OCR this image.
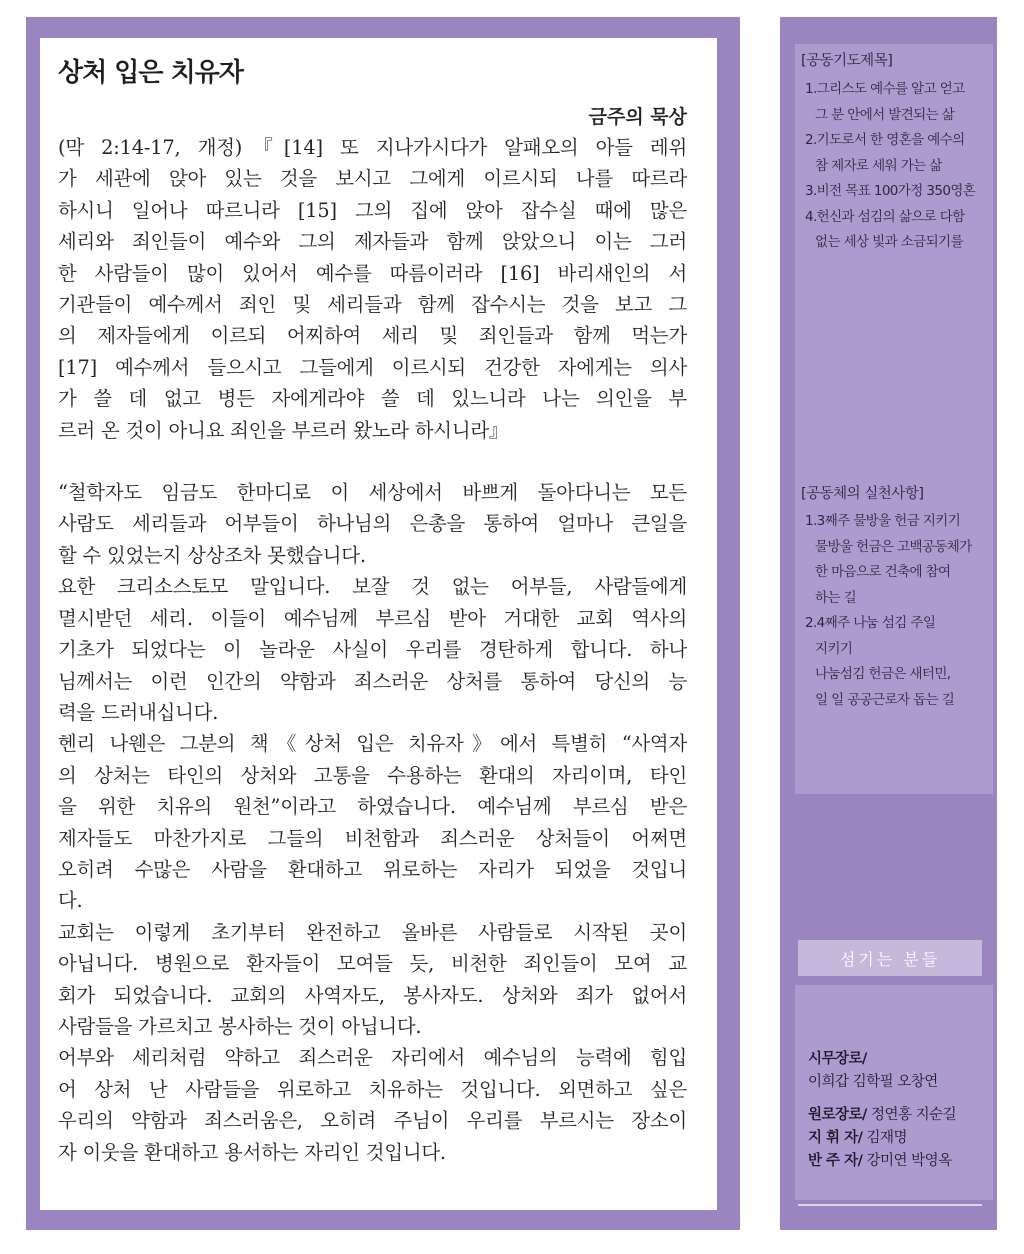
상처 입은 치유자
금주의 묵상

(막 2:14-17, 개정)『[14] 또 지나가시다가 알패오의 아들 레위

가 세관에 앉아 있는 것을 보시고 그에게 이르시되 나를 따르라

하시니 일어나 따르니라 [15] 그의 집에 앉아 잡수실 때에 많은

세리와 죄인들이 예수와 그의 제자들과 함께 앉았으니 이는 그러

한 사람들이 많이 있어서 예수를 따름이러라 [16] 바리새인의 서

기관들이 예수께서 죄인 및 세리들과 함께 잡수시는 것을 보고 그

의 제자들에게 이르되 어찌하여 세리 및 죄인들과 함께 먹는가

[17] 예수께서 들으시고 그들에게 이르시되 건강한 자에게는 의사

가 쓸 데 없고 병든 자에게라야 쓸 데 있느니라 나는 의인을 부

르러 온 것이 아니요 죄인을 부르러 왔노라 하시니라』

“철학자도 임금도 한마디로 이 세상에서 바쁘게 돌아다니는 모든

사람도 세리들과 어부들이 하나님의 은총을 통하여 얼마나 큰일을

할 수 있었는지 상상조차 못했습니다.

요한 크리소스토모 말입니다. 보잘 것 없는 어부들, 사람들에게

멸시받던 세리. 이들이 예수님께 부르심 받아 거대한 교회 역사의

기초가 되었다는 이 놀라운 사실이 우리를 경탄하게 합니다. 하나

님께서는 이런 인간의 약함과 죄스러운 상처를 통하여 당신의 능

력을 드러내십니다.

헨리 나웬은 그분의 책《상처 입은 치유자》에서 특별히 “사역자

의 상처는 타인의 상처와 고통을 수용하는 환대의 자리이며, 타인

을 위한 치유의 원천”이라고 하였습니다. 예수님께 부르심 받은

제자들도 마찬가지로 그들의 비천함과 죄스러운 상처들이 어쩌면

오히려 수많은 사람을 환대하고 위로하는 자리가 되었을 것입니

다.

교회는 이렇게 초기부터 완전하고 올바른 사람들로 시작된 곳이

아닙니다. 병원으로 환자들이 모여들 듯, 비천한 죄인들이 모여 교

회가 되었습니다. 교회의 사역자도, 봉사자도. 상처와 죄가 없어서

사람들을 가르치고 봉사하는 것이 아닙니다.

어부와 세리처럼 약하고 죄스러운 자리에서 예수님의 능력에 힘입

어 상처 난 사람들을 위로하고 치유하는 것입니다. 외면하고 싶은

우리의 약함과 죄스러움은, 오히려 주님이 우리를 부르시는 장소이

자 이웃을 환대하고 용서하는 자리인 것입니다.

[공동기도제목]
1.그리스도 예수를 알고 얻고
그 분 안에서 발견되는 삶
2.기도로서 한 영혼을 예수의
참 제자로 세워 가는 삶
3.비전 목표 100가정 350영혼
4.헌신과 섬김의 삶으로 다함
없는 세상 빛과 소금되기를
[공동체의 실천사항]
1.3째주 물방울 헌금 지키기
물방울 헌금은 고백공동체가
한 마음으로 건축에 참여
하는 길
2.4째주 나눔 섬김 주일
지키기
나눔섬김 헌금은 새터민,
일 일 공공근로자 돕는 길
섬기는 분들
시무장로/
이희갑 김학필 오창연
원로장로/ 정연홍 지순길
지 휘 자/ 김재명
반 주 자/ 강미연 박영옥
